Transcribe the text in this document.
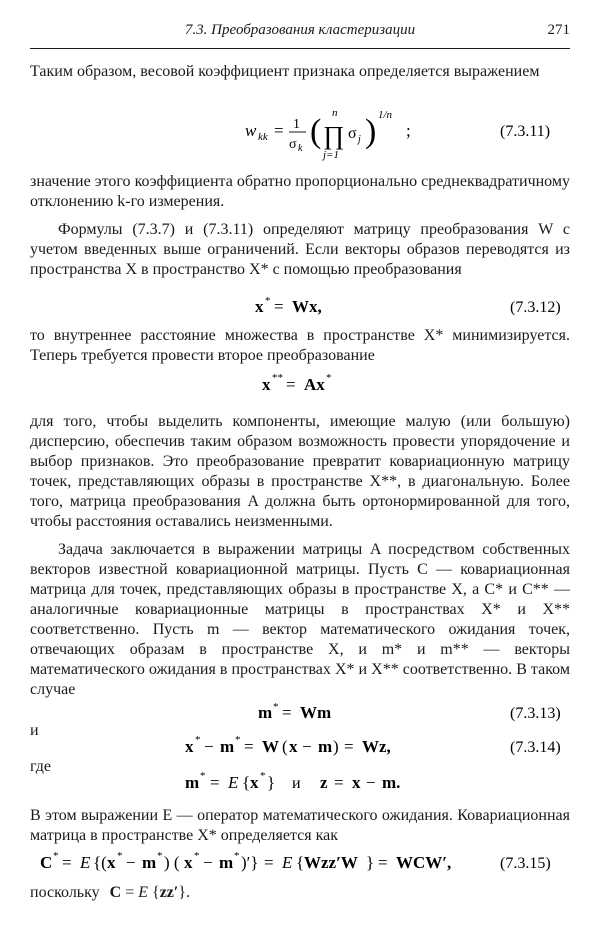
7.3. Преобразования кластеризации	271

Таким образом, весовой коэффициент признака определяется выражением

w kk = 1
σ k ( n
∏
j=1
σ j ) 1/n
;	(7.3.11)

значение этого коэффициента обратно пропорционально среднеквадратичному отклонению k-го измерения.

Формулы (7.3.7) и (7.3.11) определяют матрицу преобразования W с учетом введенных выше ограничений. Если векторы образов переводятся из пространства X в пространство X* с помощью преобразования

x * = Wx,	(7.3.12)

то внутреннее расстояние множества в пространстве X* минимизируется. Теперь требуется провести второе преобразование

x ** = Ax *

для того, чтобы выделить компоненты, имеющие малую (или большую) дисперсию, обеспечив таким образом возможность провести упорядочение и выбор признаков. Это преобразование превратит ковариационную матрицу точек, представляющих образы в пространстве X**, в диагональную. Более того, матрица преобразования A должна быть ортонормированной для того, чтобы расстояния оставались неизменными.

Задача заключается в выражении матрицы A посредством собственных векторов известной ковариационной матрицы. Пусть C — ковариационная матрица для точек, представляющих образы в пространстве X, а C* и C** — аналогичные ковариационные матрицы в пространствах X* и X** соответственно. Пусть m — вектор математического ожидания точек, отвечающих образам в пространстве X, и m* и m** — векторы математического ожидания в пространствах X* и X** соответственно. В таком случае

m * = Wm	(7.3.13)
и
x * − m * = W ( x − m ) = Wz,	(7.3.14)
где
m * = E { x * } и z = x − m.

В этом выражении E — оператор математического ожидания. Ковариационная матрица в пространстве X* определяется как

C * = E {( x * − m * ) ( x * − m * )′} = E { Wzz′W } = WCW′,	(7.3.15)
поскольку C = E {zz′}.
